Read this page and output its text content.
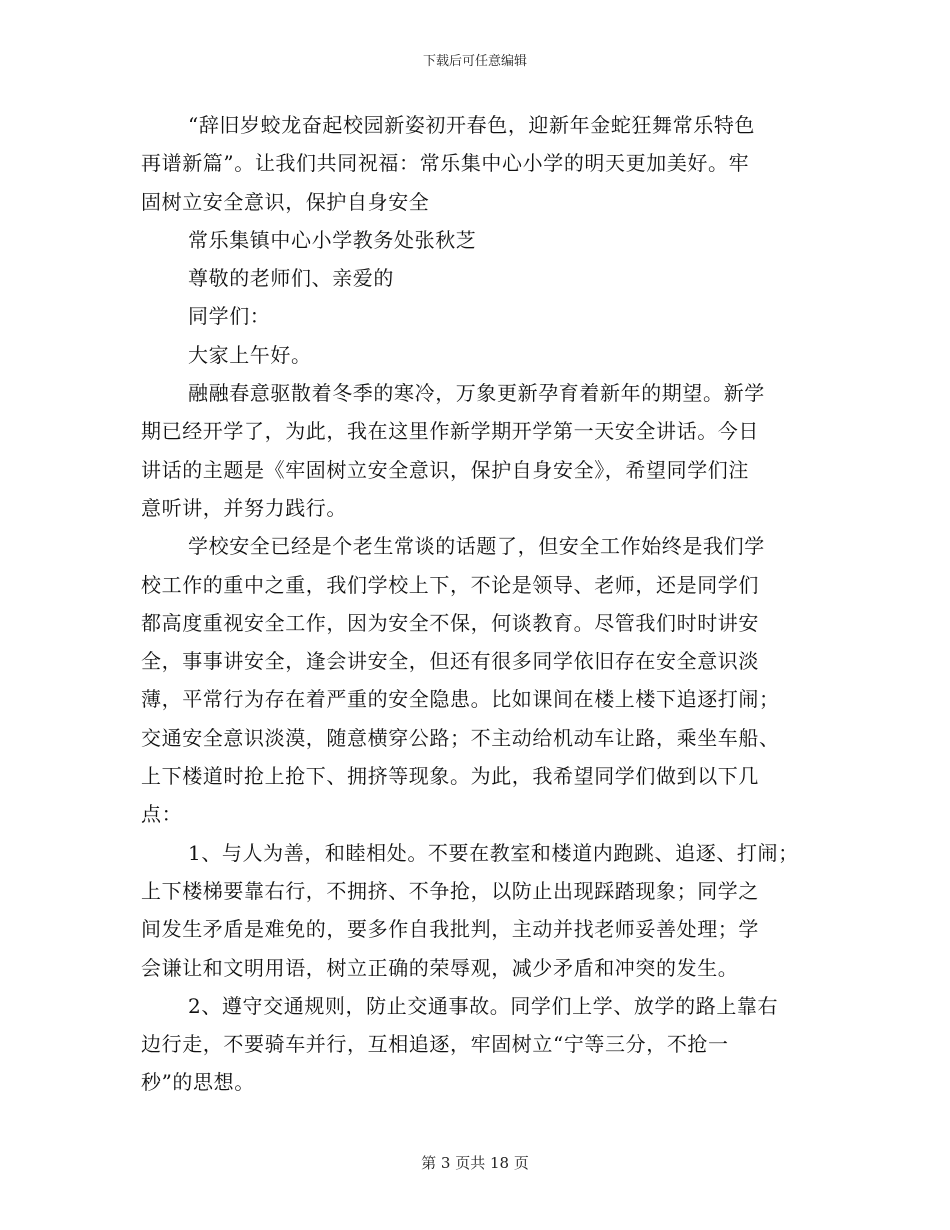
下载后可任意编辑
“辞旧岁蛟龙奋起校园新姿初开春色，迎新年金蛇狂舞常乐特色
再谱新篇”。让我们共同祝福：常乐集中心小学的明天更加美好。牢
固树立安全意识，保护自身安全
常乐集镇中心小学教务处张秋芝
尊敬的老师们、亲爱的
同学们：
大家上午好。
融融春意驱散着冬季的寒冷，万象更新孕育着新年的期望。新学
期已经开学了，为此，我在这里作新学期开学第一天安全讲话。今日
讲话的主题是《牢固树立安全意识，保护自身安全》，希望同学们注
意听讲，并努力践行。
学校安全已经是个老生常谈的话题了，但安全工作始终是我们学
校工作的重中之重，我们学校上下，不论是领导、老师，还是同学们
都高度重视安全工作，因为安全不保，何谈教育。尽管我们时时讲安
全，事事讲安全，逢会讲安全，但还有很多同学依旧存在安全意识淡
薄，平常行为存在着严重的安全隐患。比如课间在楼上楼下追逐打闹；
交通安全意识淡漠，随意横穿公路；不主动给机动车让路，乘坐车船、
上下楼道时抢上抢下、拥挤等现象。为此，我希望同学们做到以下几
点：
1、与人为善，和睦相处。不要在教室和楼道内跑跳、追逐、打闹；
上下楼梯要靠右行，不拥挤、不争抢，以防止出现踩踏现象；同学之
间发生矛盾是难免的，要多作自我批判，主动并找老师妥善处理；学
会谦让和文明用语，树立正确的荣辱观，减少矛盾和冲突的发生。
2、遵守交通规则，防止交通事故。同学们上学、放学的路上靠右
边行走，不要骑车并行，互相追逐，牢固树立“宁等三分，不抢一
秒”的思想。
第 3 页共 18 页
